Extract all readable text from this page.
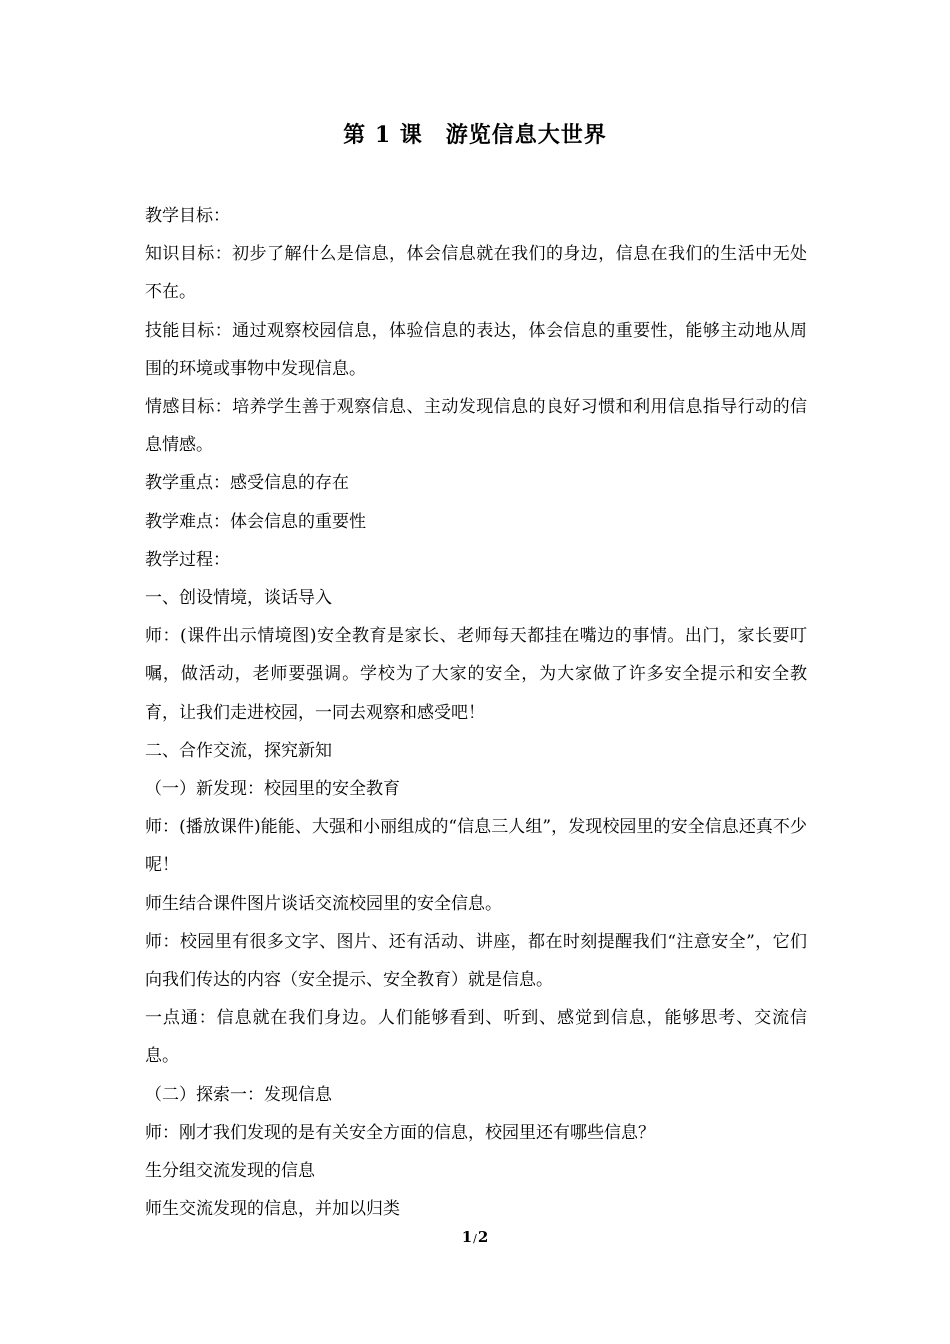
第 1 课　游览信息大世界

教学目标：

知识目标：初步了解什么是信息，体会信息就在我们的身边，信息在我们的生活中无处不在。

技能目标：通过观察校园信息，体验信息的表达，体会信息的重要性，能够主动地从周围的环境或事物中发现信息。

情感目标：培养学生善于观察信息、主动发现信息的良好习惯和利用信息指导行动的信息情感。

教学重点：感受信息的存在

教学难点：体会信息的重要性

教学过程：

一、创设情境，谈话导入

师：(课件出示情境图)安全教育是家长、老师每天都挂在嘴边的事情。出门，家长要叮嘱，做活动，老师要强调。学校为了大家的安全，为大家做了许多安全提示和安全教育，让我们走进校园，一同去观察和感受吧！

二、合作交流，探究新知

（一）新发现：校园里的安全教育

师：(播放课件)能能、大强和小丽组成的“信息三人组”，发现校园里的安全信息还真不少呢！

师生结合课件图片谈话交流校园里的安全信息。

师：校园里有很多文字、图片、还有活动、讲座，都在时刻提醒我们“注意安全”，它们向我们传达的内容（安全提示、安全教育）就是信息。

一点通：信息就在我们身边。人们能够看到、听到、感觉到信息，能够思考、交流信息。

（二）探索一：发现信息

师：刚才我们发现的是有关安全方面的信息，校园里还有哪些信息？

生分组交流发现的信息

师生交流发现的信息，并加以归类

1/2
